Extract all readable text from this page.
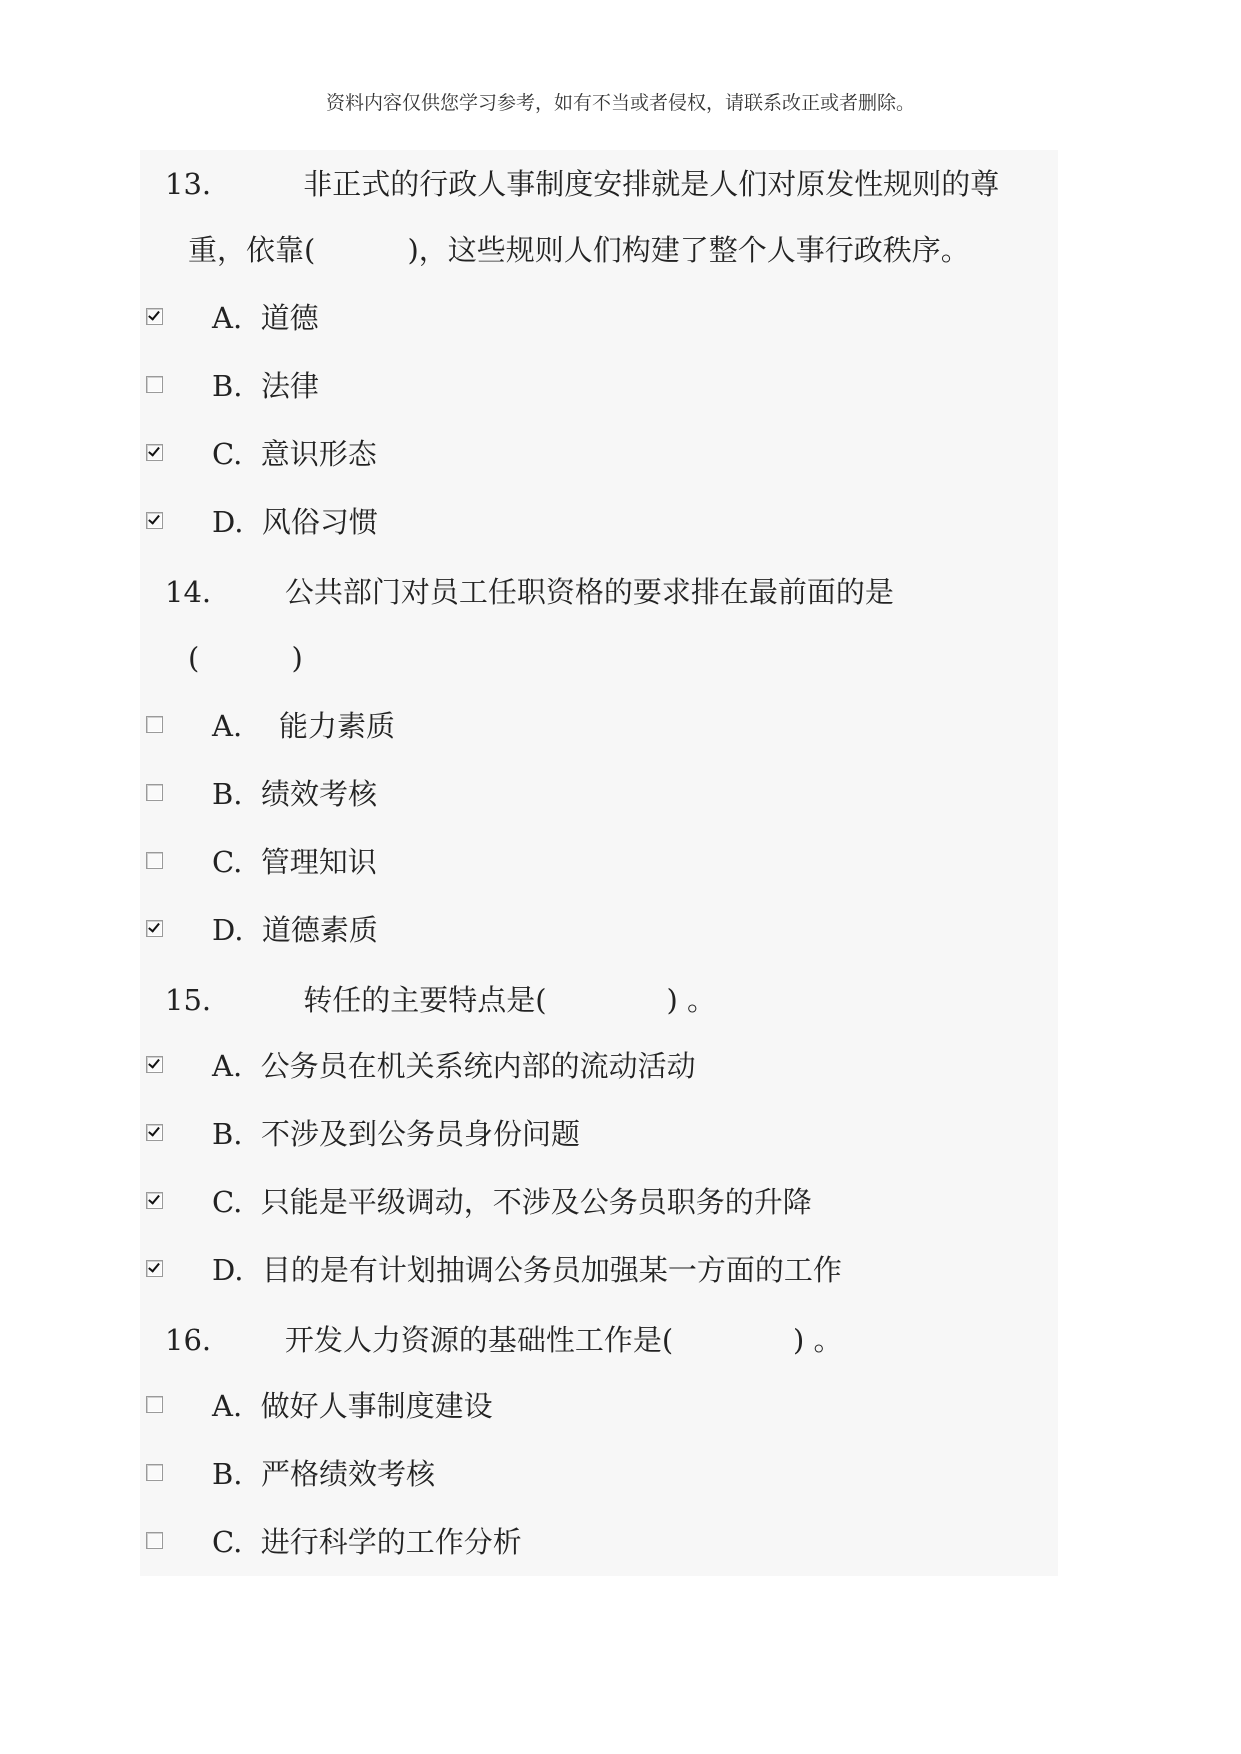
资料内容仅供您学习参考，如有不当或者侵权，请联系改正或者删除。
13.          非正式的行政人事制度安排就是人们对原发性规则的尊
重，依靠(          )，这些规则人们构建了整个人事行政秩序。
A.  道德
B.  法律
C.  意识形态
D.  风俗习惯
14.        公共部门对员工任职资格的要求排在最前面的是
(          )
A.    能力素质
B.  绩效考核
C.  管理知识
D.  道德素质
15.          转任的主要特点是(             ) 。
A.  公务员在机关系统内部的流动活动
B.  不涉及到公务员身份问题
C.  只能是平级调动，不涉及公务员职务的升降
D.  目的是有计划抽调公务员加强某一方面的工作
16.        开发人力资源的基础性工作是(             ) 。
A.  做好人事制度建设
B.  严格绩效考核
C.  进行科学的工作分析
